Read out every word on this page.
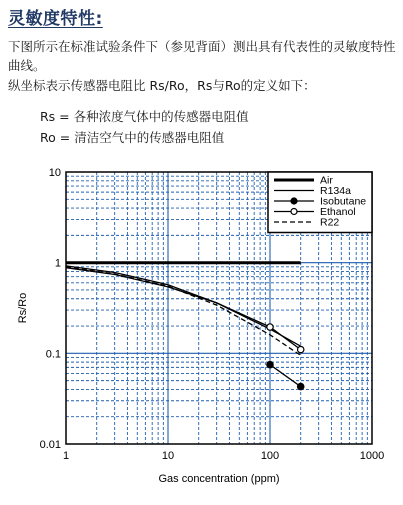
灵敏度特性:

下图所示在标准试验条件下（参见背面）测出具有代表性的灵敏度特性曲线。

纵坐标表示传感器电阻比 Rs/Ro，Rs与Ro的定义如下：

Rs = 各种浓度气体中的传感器电阻值
Ro = 清洁空气中的传感器电阻值
1	10	100	1000
10
1
0.1
0.01
Air
R134a
Isobutane
Ethanol
R22
Gas concentration (ppm)
Rs/Ro
